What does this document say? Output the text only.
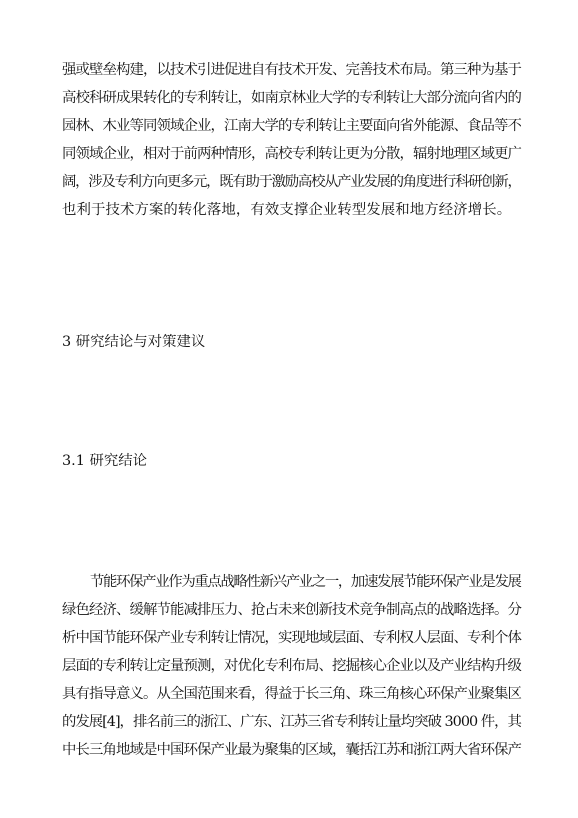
强或壁垒构建，以技术引进促进自有技术开发、完善技术布局。第三种为基于
高校科研成果转化的专利转让，如南京林业大学的专利转让大部分流向省内的
园林、木业等同领域企业，江南大学的专利转让主要面向省外能源、食品等不
同领域企业，相对于前两种情形，高校专利转让更为分散，辐射地理区域更广
阔，涉及专利方向更多元，既有助于激励高校从产业发展的角度进行科研创新，
也利于技术方案的转化落地，有效支撑企业转型发展和地方经济增长。
3 研究结论与对策建议
3.1 研究结论
节能环保产业作为重点战略性新兴产业之一，加速发展节能环保产业是发展
绿色经济、缓解节能减排压力、抢占未来创新技术竞争制高点的战略选择。分
析中国节能环保产业专利转让情况，实现地域层面、专利权人层面、专利个体
层面的专利转让定量预测，对优化专利布局、挖掘核心企业以及产业结构升级
具有指导意义。从全国范围来看，得益于长三角、珠三角核心环保产业聚集区
的发展[4]，排名前三的浙江、广东、江苏三省专利转让量均突破 3000 件，其
中长三角地域是中国环保产业最为聚集的区域，囊括江苏和浙江两大省环保产
